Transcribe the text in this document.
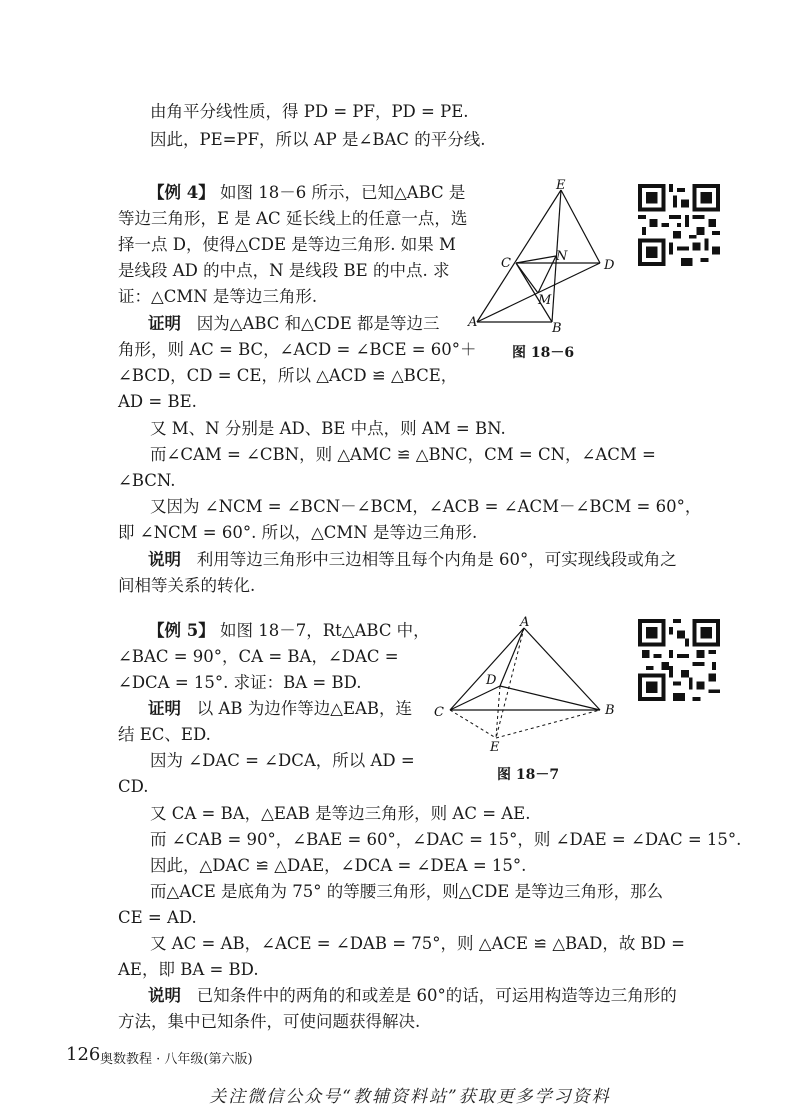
由角平分线性质，得 PD = PF，PD = PE.
因此，PE=PF，所以 AP 是∠BAC 的平分线.
【例 4】 如图 18－6 所示，已知△ABC 是
等边三角形，E 是 AC 延长线上的任意一点，选
择一点 D，使得△CDE 是等边三角形. 如果 M
是线段 AD 的中点，N 是线段 BE 的中点. 求
证：△CMN 是等边三角形.
证明 因为△ABC 和△CDE 都是等边三
角形，则 AC = BC，∠ACD = ∠BCE = 60°＋
∠BCD，CD = CE，所以 △ACD ≌ △BCE，
AD = BE.
又 M、N 分别是 AD、BE 中点，则 AM = BN.
而∠CAM = ∠CBN，则 △AMC ≌ △BNC，CM = CN，∠ACM =
∠BCN.
又因为 ∠NCM = ∠BCN－∠BCM，∠ACB = ∠ACM－∠BCM = 60°，
即 ∠NCM = 60°. 所以，△CMN 是等边三角形.
说明 利用等边三角形中三边相等且每个内角是 60°，可实现线段或角之
间相等关系的转化.
E
C	N
D
M
A	B
图 18－6
【例 5】 如图 18－7，Rt△ABC 中，
∠BAC = 90°，CA = BA，∠DAC =
∠DCA = 15°. 求证：BA = BD.
证明 以 AB 为边作等边△EAB，连
结 EC、ED.
因为 ∠DAC = ∠DCA，所以 AD =
CD.
又 CA = BA，△EAB 是等边三角形，则 AC = AE.
而 ∠CAB = 90°，∠BAE = 60°，∠DAC = 15°，则 ∠DAE = ∠DAC = 15°.
因此，△DAC ≌ △DAE，∠DCA = ∠DEA = 15°.
而△ACE 是底角为 75° 的等腰三角形，则△CDE 是等边三角形，那么
CE = AD.
又 AC = AB，∠ACE = ∠DAB = 75°，则 △ACE ≌ △BAD，故 BD =
AE，即 BA = BD.
说明 已知条件中的两角的和或差是 60°的话，可运用构造等边三角形的
方法，集中已知条件，可使问题获得解决.
A
D
C	B
E
图 18－7
126 奥数教程 · 八年级(第六版)
关注微信公众号“教辅资料站”获取更多学习资料
